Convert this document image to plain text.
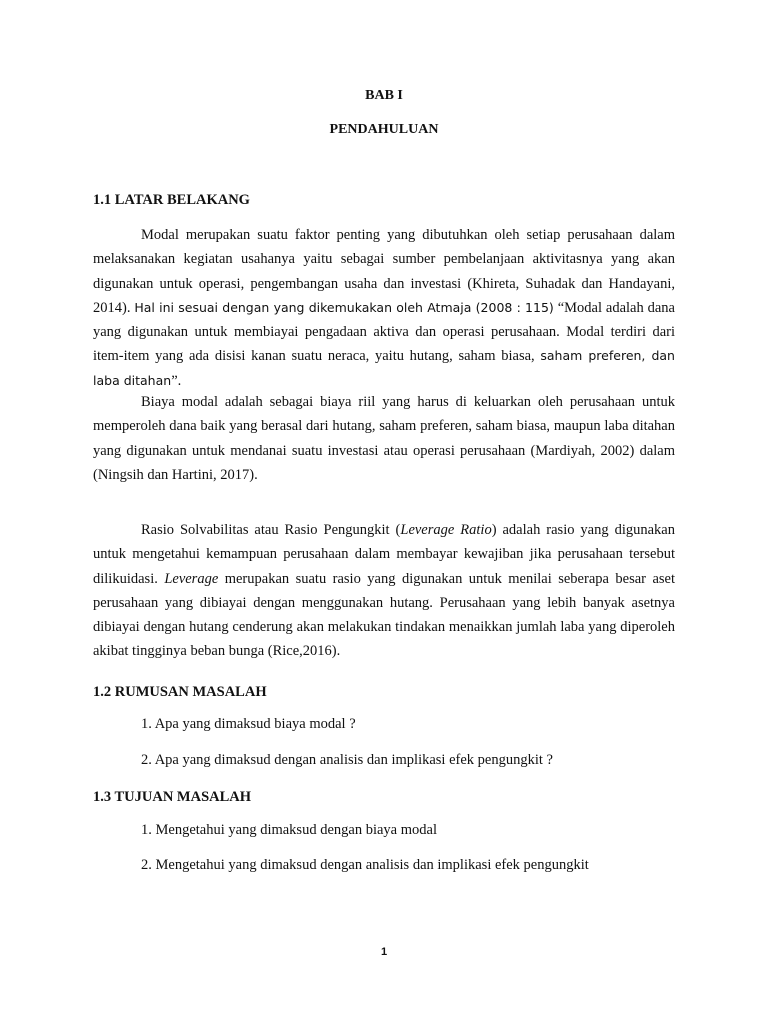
BAB I
PENDAHULUAN
1.1 LATAR BELAKANG

Modal merupakan suatu faktor penting yang dibutuhkan oleh setiap perusahaan dalam melaksanakan kegiatan usahanya yaitu sebagai sumber pembelanjaan aktivitasnya yang akan digunakan untuk operasi, pengembangan usaha dan investasi (Khireta, Suhadak dan Handayani, 2014). Hal ini sesuai dengan yang dikemukakan oleh Atmaja (2008 : 115) “Modal adalah dana yang digunakan untuk membiayai pengadaan aktiva dan operasi perusahaan. Modal terdiri dari item-item yang ada disisi kanan suatu neraca, yaitu hutang, saham biasa, saham preferen, dan laba ditahan”.

Biaya modal adalah sebagai biaya riil yang harus di keluarkan oleh perusahaan untuk memperoleh dana baik yang berasal dari hutang, saham preferen, saham biasa, maupun laba ditahan yang digunakan untuk mendanai suatu investasi atau operasi perusahaan (Mardiyah, 2002) dalam (Ningsih dan Hartini, 2017).

Rasio Solvabilitas atau Rasio Pengungkit (Leverage Ratio) adalah rasio yang digunakan untuk mengetahui kemampuan perusahaan dalam membayar kewajiban jika perusahaan tersebut dilikuidasi. Leverage merupakan suatu rasio yang digunakan untuk menilai seberapa besar aset perusahaan yang dibiayai dengan menggunakan hutang. Perusahaan yang lebih banyak asetnya dibiayai dengan hutang cenderung akan melakukan tindakan menaikkan jumlah laba yang diperoleh akibat tingginya beban bunga (Rice,2016).

1.2 RUMUSAN MASALAH
1. Apa yang dimaksud biaya modal ?
2. Apa yang dimaksud dengan analisis dan implikasi efek pengungkit ?
1.3 TUJUAN MASALAH
1. Mengetahui yang dimaksud dengan biaya modal
2. Mengetahui yang dimaksud dengan analisis dan implikasi efek pengungkit
1
